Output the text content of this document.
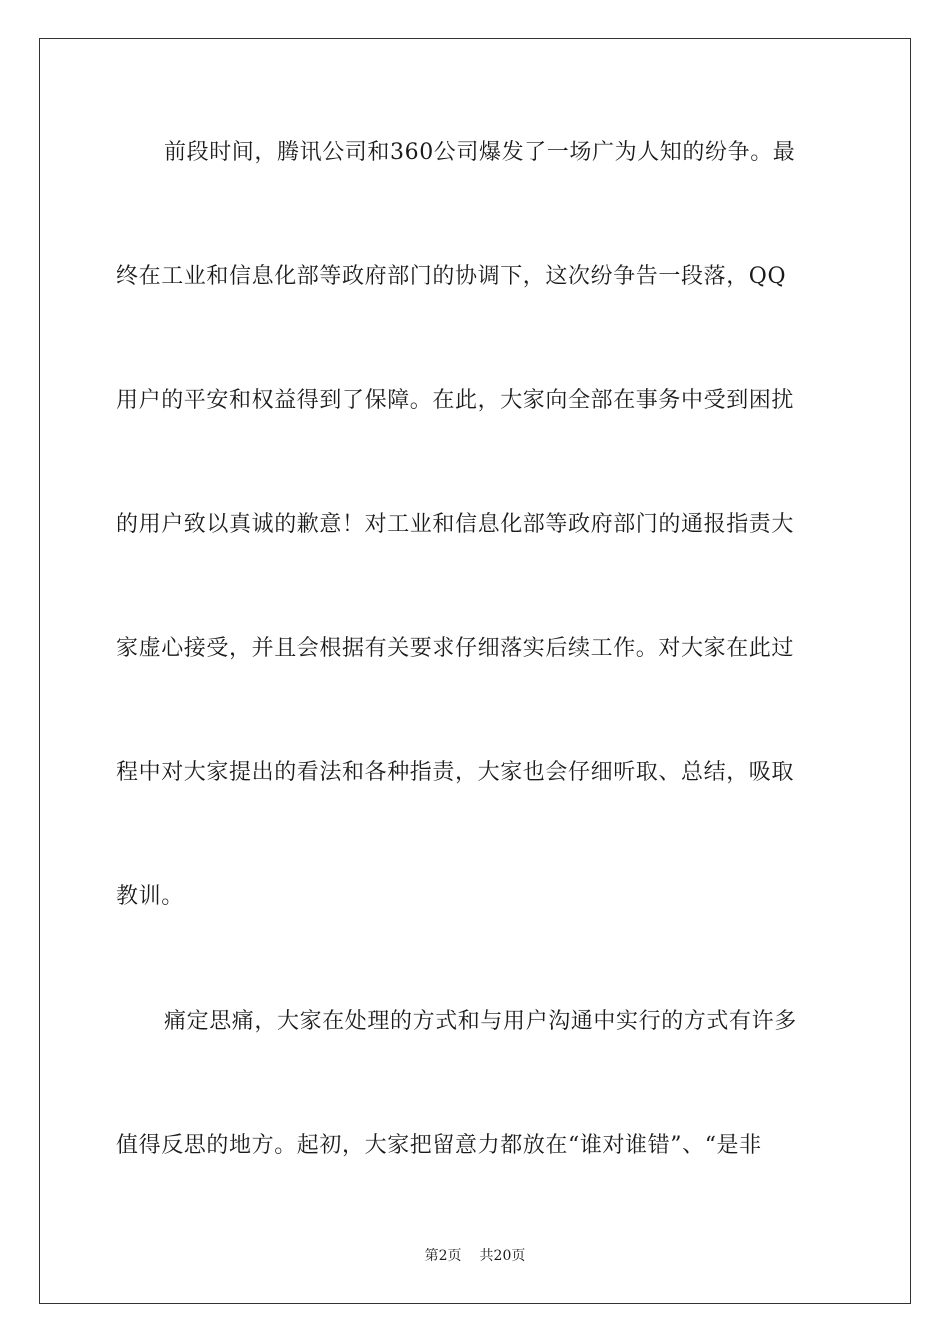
前段时间，腾讯公司和360公司爆发了一场广为人知的纷争。最
终在工业和信息化部等政府部门的协调下，这次纷争告一段落，QQ
用户的平安和权益得到了保障。在此，大家向全部在事务中受到困扰
的用户致以真诚的歉意！对工业和信息化部等政府部门的通报指责大
家虚心接受，并且会根据有关要求仔细落实后续工作。对大家在此过
程中对大家提出的看法和各种指责，大家也会仔细听取、总结，吸取
教训。
痛定思痛，大家在处理的方式和与用户沟通中实行的方式有许多
值得反思的地方。起初，大家把留意力都放在“谁对谁错”、“是非
第2页 共20页
